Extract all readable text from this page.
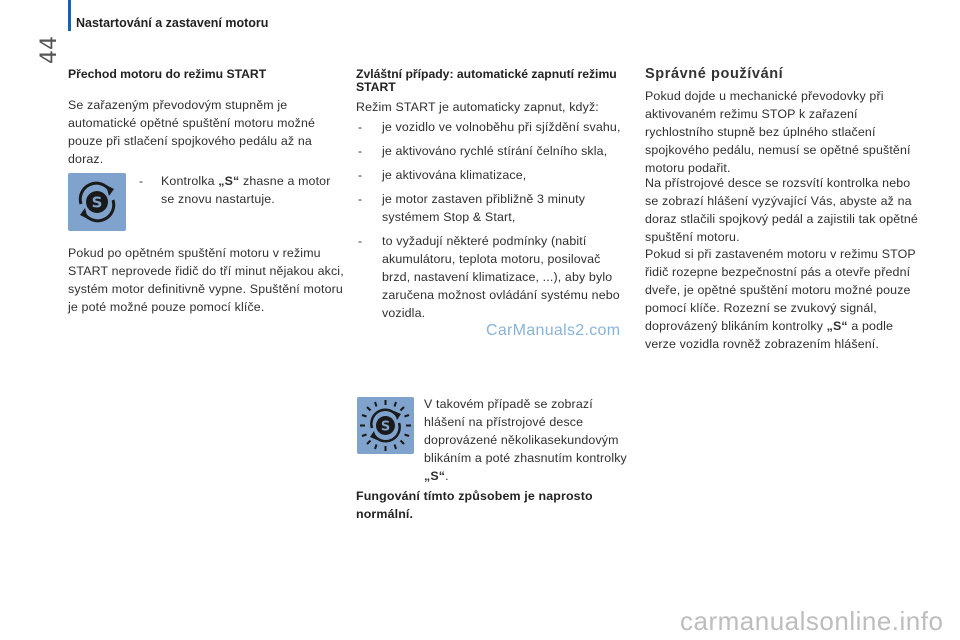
44
Nastartování a zastavení motoru
Přechod motoru do režimu START
Se zařazeným převodovým stupněm je automatické opětné spuštění motoru možné pouze při stlačení spojkového pedálu až na doraz.
S
-	Kontrolka „S“ zhasne a motor se znovu nastartuje.
Pokud po opětném spuštění motoru v režimu START neprovede řidič do tří minut nějakou akci, systém motor definitivně vypne. Spuštění motoru je poté možné pouze pomocí klíče.
Zvláštní případy: automatické zapnutí režimu START
Režim START je automaticky zapnut, když:
- je vozidlo ve volnoběhu při sjíždění svahu,
- je aktivováno rychlé stírání čelního skla,
- je aktivována klimatizace,
- je motor zastaven přibližně 3 minuty systémem Stop & Start,
- to vyžadují některé podmínky (nabití akumulátoru, teplota motoru, posilovač brzd, nastavení klimatizace, ...), aby bylo zaručena možnost ovládání systému nebo vozidla.
CarManuals2.com
S
V takovém případě se zobrazí hlášení na přístrojové desce doprovázené několikasekundovým blikáním a poté zhasnutím kontrolky „S“.
Fungování tímto způsobem je naprosto normální.
Správné používání
Pokud dojde u mechanické převodovky při aktivovaném režimu STOP k zařazení rychlostního stupně bez úplného stlačení spojkového pedálu, nemusí se opětné spuštění motoru podařit.
Na přístrojové desce se rozsvítí kontrolka nebo se zobrazí hlášení vyzývající Vás, abyste až na doraz stlačili spojkový pedál a zajistili tak opětné spuštění motoru.
Pokud si při zastaveném motoru v režimu STOP řidič rozepne bezpečnostní pás a otevře přední dveře, je opětné spuštění motoru možné pouze pomocí klíče. Rozezní se zvukový signál, doprovázený blikáním kontrolky „S“ a podle verze vozidla rovněž zobrazením hlášení.
carmanualsonline.info
